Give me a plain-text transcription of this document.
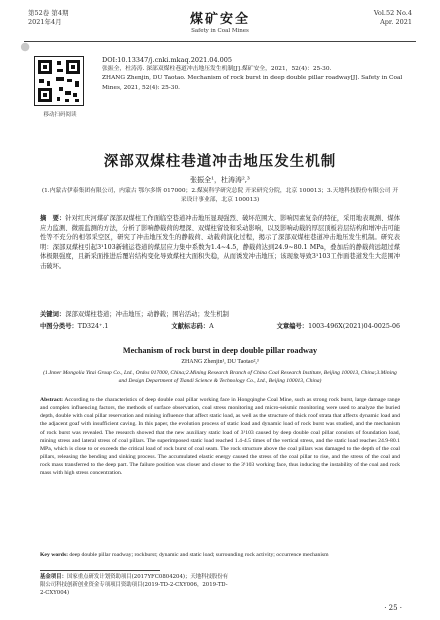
●
第52卷 第4期
2021年4月	煤矿安全
Safety in Coal Mines
Vol.52 No.4
Apr. 2021
移动扫码阅读
DOI:10.13347/j.cnki.mkaq.2021.04.005
张振全，杜涛涛. 深部双煤柱巷道冲击地压发生机制[J].煤矿安全，2021，52(4)：25-30.
ZHANG Zhenjin, DU Taotao. Mechanism of rock burst in deep double pillar roadway[J]. Safety in Coal Mines, 2021, 52(4): 25-30.
深部双煤柱巷道冲击地压发生机制
张振全¹，杜涛涛²,³
(1.内蒙古伊泰集团有限公司，内蒙古 鄂尔多斯 017000；2.煤炭科学研究总院 开采研究分院，北京 100013；3.天地科技股份有限公司 开采设计事业部，北京 100013)
摘　要：针对红庆河煤矿深部双煤柱工作面临空巷道冲击地压显现强烈、破坏范围大、影响因素复杂的特征，采用地表观测、煤体应力监测、微震监测的方法，分析了影响静载荷的埋深、双煤柱留设和采动影响，以及影响动载的厚层顶板岩层结构和增冲击可能性等不充分的相邻采空区，研究了冲击地压发生的静载荷、动载荷演化过程，揭示了深部双煤柱巷道冲击地压发生机制。研究表明：深部双煤柱引起3¹103新辅运巷道的煤层应力集中系数为1.4~4.5，静载荷达到24.9~80.1 MPa，叠加后的静载荷远超过煤体极限强度，且新采面推进后覆岩结构变化导致煤柱大面积失稳，从而诱发冲击地压；该现象导致3¹103工作面巷道发生大范围冲击破坏。
关键词：深部双煤柱巷道；冲击地压；动静载；围岩活动；发生机制
中图分类号：TD324⁺.1	文献标志码：A	文章编号：1003-496X(2021)04-0025-06
Mechanism of rock burst in deep double pillar roadway
ZHANG Zhenjin¹, DU Taotao²,³
(1.Inner Mongolia Yitai Group Co., Ltd., Ordos 017000, China;2.Mining Research Branch of China Coal Research Institute, Beijing 100013, China;3.Mining and Design Department of Tiandi Science & Technology Co., Ltd., Beijing 100013, China)
Abstract: According to the characteristics of deep double coal pillar working face in Hongqinghe Coal Mine, such as strong rock burst, large damage range and complex influencing factors, the methods of surface observation, coal stress monitoring and micro-seismic monitoring were used to analyze the buried depth, double with coal pillar reservation and mining influence that affect static load, as well as the structure of thick roof strata that affects dynamic load and the adjacent goaf with insufficient caving. In this paper, the evolution process of static load and dynamic load of rock burst was studied, and the mechanism of rock burst was revealed. The research showed that the new auxiliary static load of 3¹103 caused by deep double coal pillar consists of foundation load, mining stress and lateral stress of coal pillars. The superimposed static load reached 1.4-4.5 times of the vertical stress, and the static load reaches 24.9-80.1 MPa, which is close to or exceeds the critical load of rock burst of coal seam. The rock structure above the coal pillars was damaged to the depth of the coal pillars, releasing the bending and sinking process. The accumulated elastic energy caused the stress of the coal pillar to rise, and the stress of the coal and rock mass transferred to the deep part. The failure position was closer and closer to the 3¹103 working face, thus inducing the instability of the coal and rock mass with high stress concentration.
Key words: deep double pillar roadway; rockburst; dynamic and static load; surrounding rock activity; occurrence mechanism
基金项目：国家重点研发计划资助项目(2017YFC0804204)；天地科技股份有限公司科技创新创业资金专项项目资助项目(2019-TD-2-CXY006，2019-TD-2-CXY004)
· 25 ·
